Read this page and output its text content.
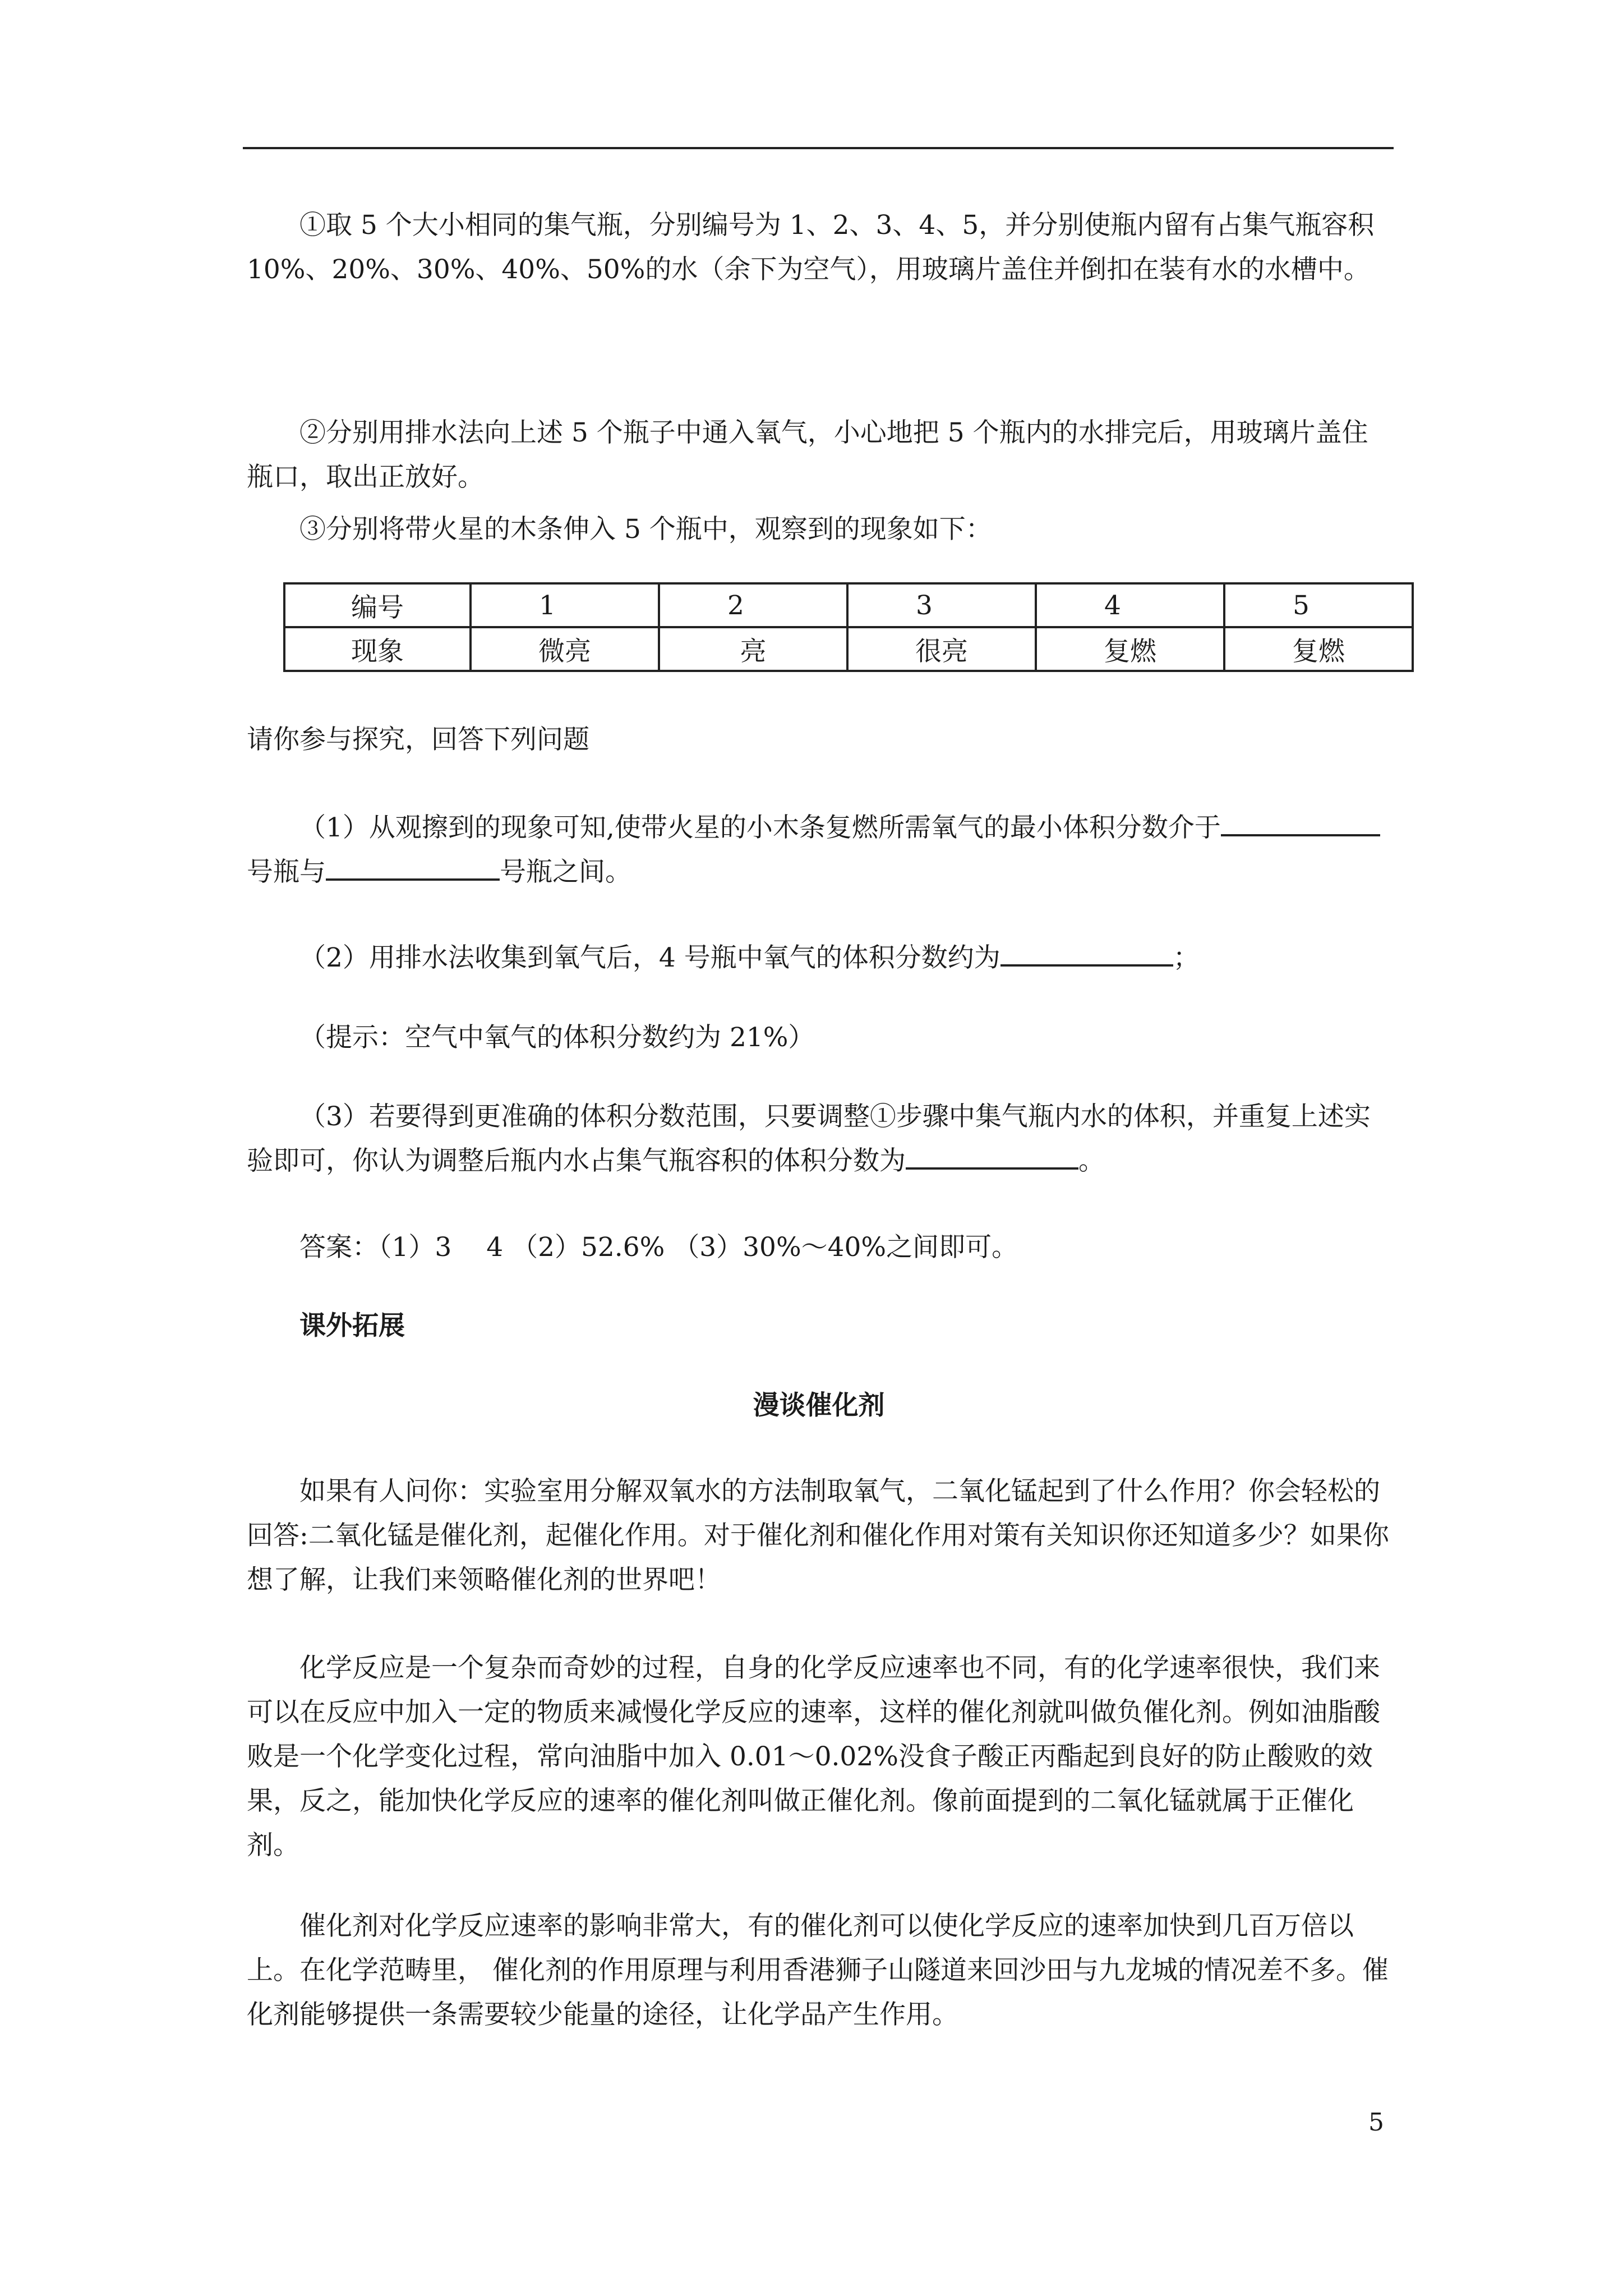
①取 5 个大小相同的集气瓶，分别编号为 1、2、3、4、5，并分别使瓶内留有占集气瓶容积 10%、20%、30%、40%、50%的水（余下为空气），用玻璃片盖住并倒扣在装有水的水槽中。

②分别用排水法向上述 5 个瓶子中通入氧气，小心地把 5 个瓶内的水排完后，用玻璃片盖住瓶口，取出正放好。

③分别将带火星的木条伸入 5 个瓶中，观察到的现象如下：

编号	1	2	3	4	5
现象	微亮	亮	很亮	复燃	复燃

请你参与探究，回答下列问题

（1）从观擦到的现象可知,使带火星的小木条复燃所需氧气的最小体积分数介于号瓶与	号瓶之间。

（2）用排水法收集到氧气后，4 号瓶中氧气的体积分数约为	；

（提示：空气中氧气的体积分数约为 21%）

（3）若要得到更准确的体积分数范围，只要调整①步骤中集气瓶内水的体积，并重复上述实验即可，你认为调整后瓶内水占集气瓶容积的体积分数为	。

答案：（1）3　 4 （2）52.6% （3）30%～40%之间即可。

课外拓展

漫谈催化剂

如果有人问你：实验室用分解双氧水的方法制取氧气，二氧化锰起到了什么作用？你会轻松的回答:二氧化锰是催化剂，起催化作用。对于催化剂和催化作用对策有关知识你还知道多少？如果你想了解，让我们来领略催化剂的世界吧！

化学反应是一个复杂而奇妙的过程，自身的化学反应速率也不同，有的化学速率很快，我们来可以在反应中加入一定的物质来减慢化学反应的速率，这样的催化剂就叫做负催化剂。例如油脂酸败是一个化学变化过程，常向油脂中加入 0.01～0.02%没食子酸正丙酯起到良好的防止酸败的效果，反之，能加快化学反应的速率的催化剂叫做正催化剂。像前面提到的二氧化锰就属于正催化剂。

催化剂对化学反应速率的影响非常大，有的催化剂可以使化学反应的速率加快到几百万倍以上。在化学范畴里， 催化剂的作用原理与利用香港狮子山隧道来回沙田与九龙城的情况差不多。催化剂能够提供一条需要较少能量的途径，让化学品产生作用。

5
